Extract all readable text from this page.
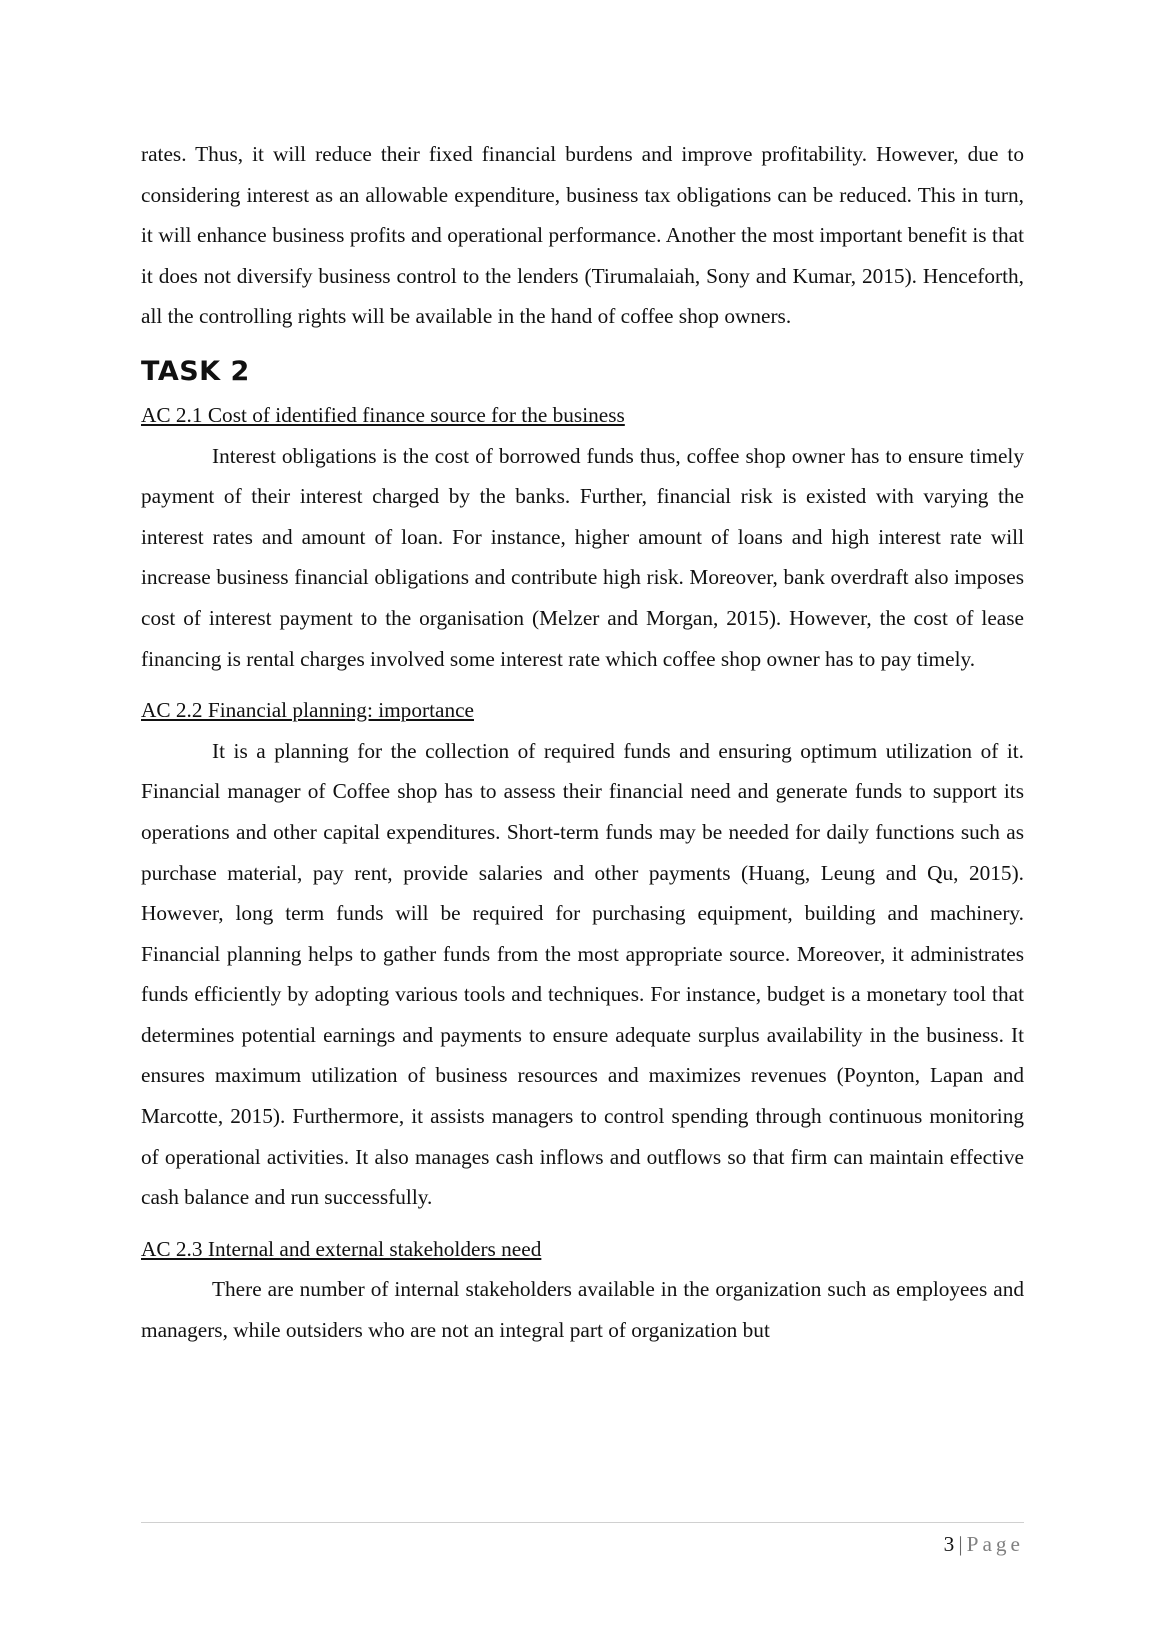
rates. Thus, it will reduce their fixed financial burdens and improve profitability. However, due to considering interest as an allowable expenditure, business tax obligations can be reduced. This in turn, it will enhance business profits and operational performance. Another the most important benefit is that it does not diversify business control to the lenders (Tirumalaiah, Sony and Kumar, 2015). Henceforth, all the controlling rights will be available in the hand of coffee shop owners.

TASK 2

AC 2.1 Cost of identified finance source for the business

Interest obligations is the cost of borrowed funds thus, coffee shop owner has to ensure timely payment of their interest charged by the banks. Further, financial risk is existed with varying the interest rates and amount of loan. For instance, higher amount of loans and high interest rate will increase business financial obligations and contribute high risk. Moreover, bank overdraft also imposes cost of interest payment to the organisation (Melzer and Morgan, 2015). However, the cost of lease financing is rental charges involved some interest rate which coffee shop owner has to pay timely.

AC 2.2 Financial planning: importance

It is a planning for the collection of required funds and ensuring optimum utilization of it. Financial manager of Coffee shop has to assess their financial need and generate funds to support its operations and other capital expenditures. Short-term funds may be needed for daily functions such as purchase material, pay rent, provide salaries and other payments (Huang, Leung and Qu, 2015). However, long term funds will be required for purchasing equipment, building and machinery. Financial planning helps to gather funds from the most appropriate source. Moreover, it administrates funds efficiently by adopting various tools and techniques. For instance, budget is a monetary tool that determines potential earnings and payments to ensure adequate surplus availability in the business. It ensures maximum utilization of business resources and maximizes revenues (Poynton, Lapan and Marcotte, 2015). Furthermore, it assists managers to control spending through continuous monitoring of operational activities. It also manages cash inflows and outflows so that firm can maintain effective cash balance and run successfully.

AC 2.3 Internal and external stakeholders need

There are number of internal stakeholders available in the organization such as employees and managers, while outsiders who are not an integral part of organization but

3 | Page
